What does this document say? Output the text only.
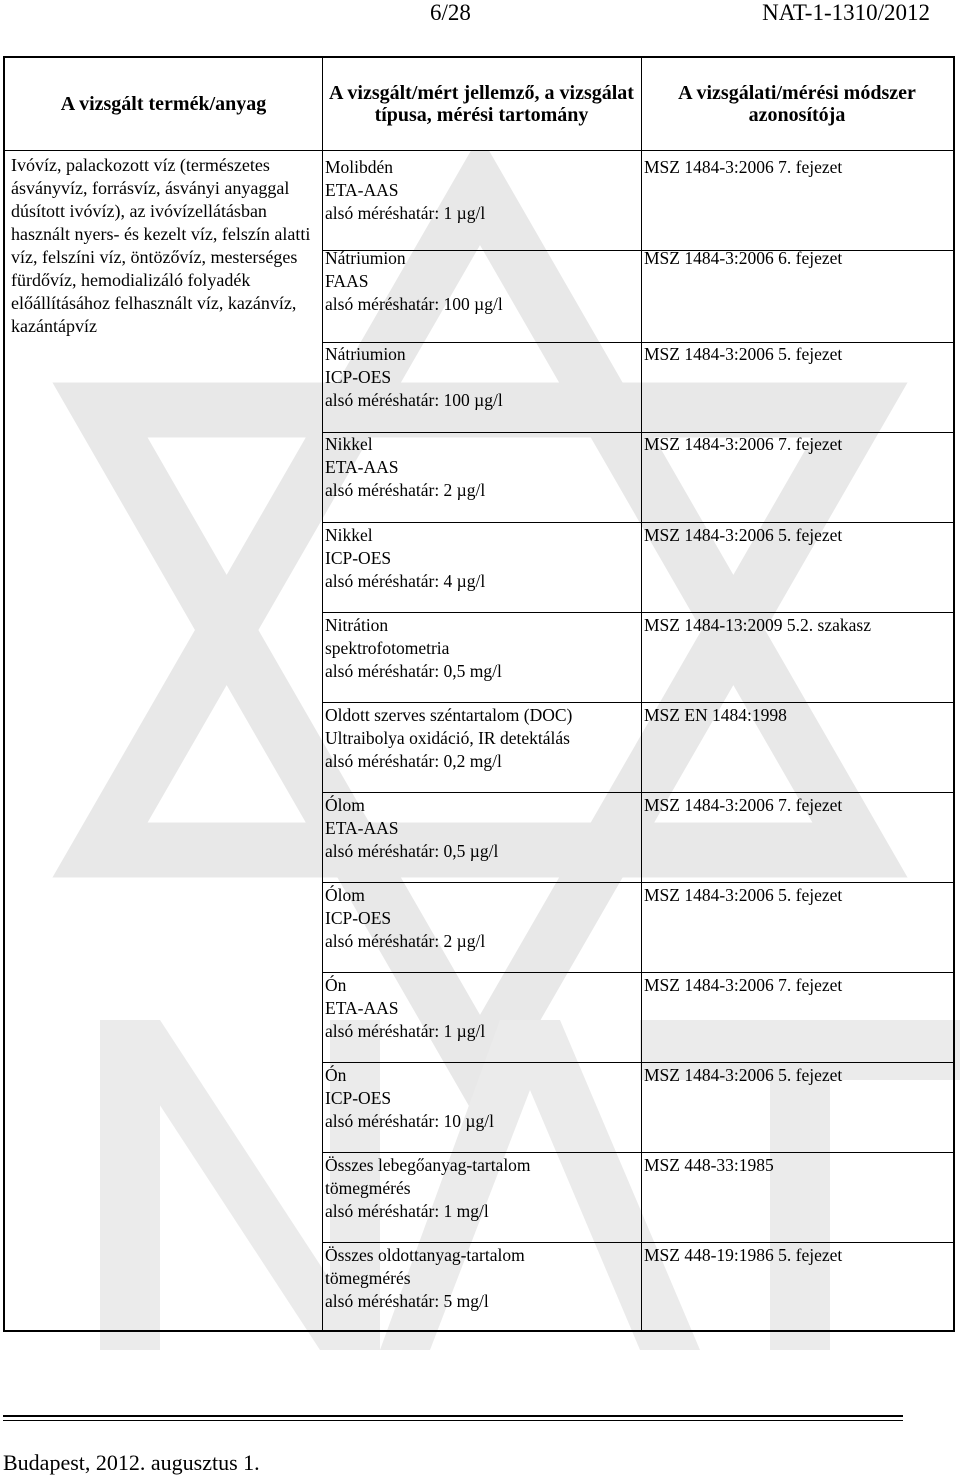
6/28	NAT-1-1310/2012
A vizsgált termék/anyag	A vizsgált/mért jellemző, a vizsgálat típusa, mérési tartomány
A vizsgálati/mérési módszer azonosítója
Ivóvíz, palackozott víz (természetes ásványvíz, forrásvíz, ásványi anyaggal dúsított ivóvíz), az ivóvízellátásban használt nyers- és kezelt víz, felszín alatti víz, felszíni víz, öntözővíz, mesterséges fürdővíz, hemodializáló folyadék előállításához felhasznált víz, kazánvíz, kazántápvíz
Molibdén
ETA-AAS
alsó méréshatár: 1 µg/l
MSZ 1484-3:2006 7. fejezet
Nátriumion
FAAS
alsó méréshatár: 100 µg/l
MSZ 1484-3:2006 6. fejezet
Nátriumion
ICP-OES
alsó méréshatár: 100 µg/l
MSZ 1484-3:2006 5. fejezet
Nikkel
ETA-AAS
alsó méréshatár: 2 µg/l
MSZ 1484-3:2006 7. fejezet
Nikkel
ICP-OES
alsó méréshatár: 4 µg/l
MSZ 1484-3:2006 5. fejezet
Nitrátion
spektrofotometria
alsó méréshatár: 0,5 mg/l
MSZ 1484-13:2009 5.2. szakasz
Oldott szerves széntartalom (DOC)
Ultraibolya oxidáció, IR detektálás
alsó méréshatár: 0,2 mg/l
MSZ EN 1484:1998
Ólom
ETA-AAS
alsó méréshatár: 0,5 µg/l
MSZ 1484-3:2006 7. fejezet
Ólom
ICP-OES
alsó méréshatár: 2 µg/l
MSZ 1484-3:2006 5. fejezet
Ón
ETA-AAS
alsó méréshatár: 1 µg/l
MSZ 1484-3:2006 7. fejezet
Ón
ICP-OES
alsó méréshatár: 10 µg/l
MSZ 1484-3:2006 5. fejezet
Összes lebegőanyag-tartalom
tömegmérés
alsó méréshatár: 1 mg/l
MSZ 448-33:1985
Összes oldottanyag-tartalom
tömegmérés
alsó méréshatár: 5 mg/l
MSZ 448-19:1986 5. fejezet
Budapest, 2012. augusztus 1.
